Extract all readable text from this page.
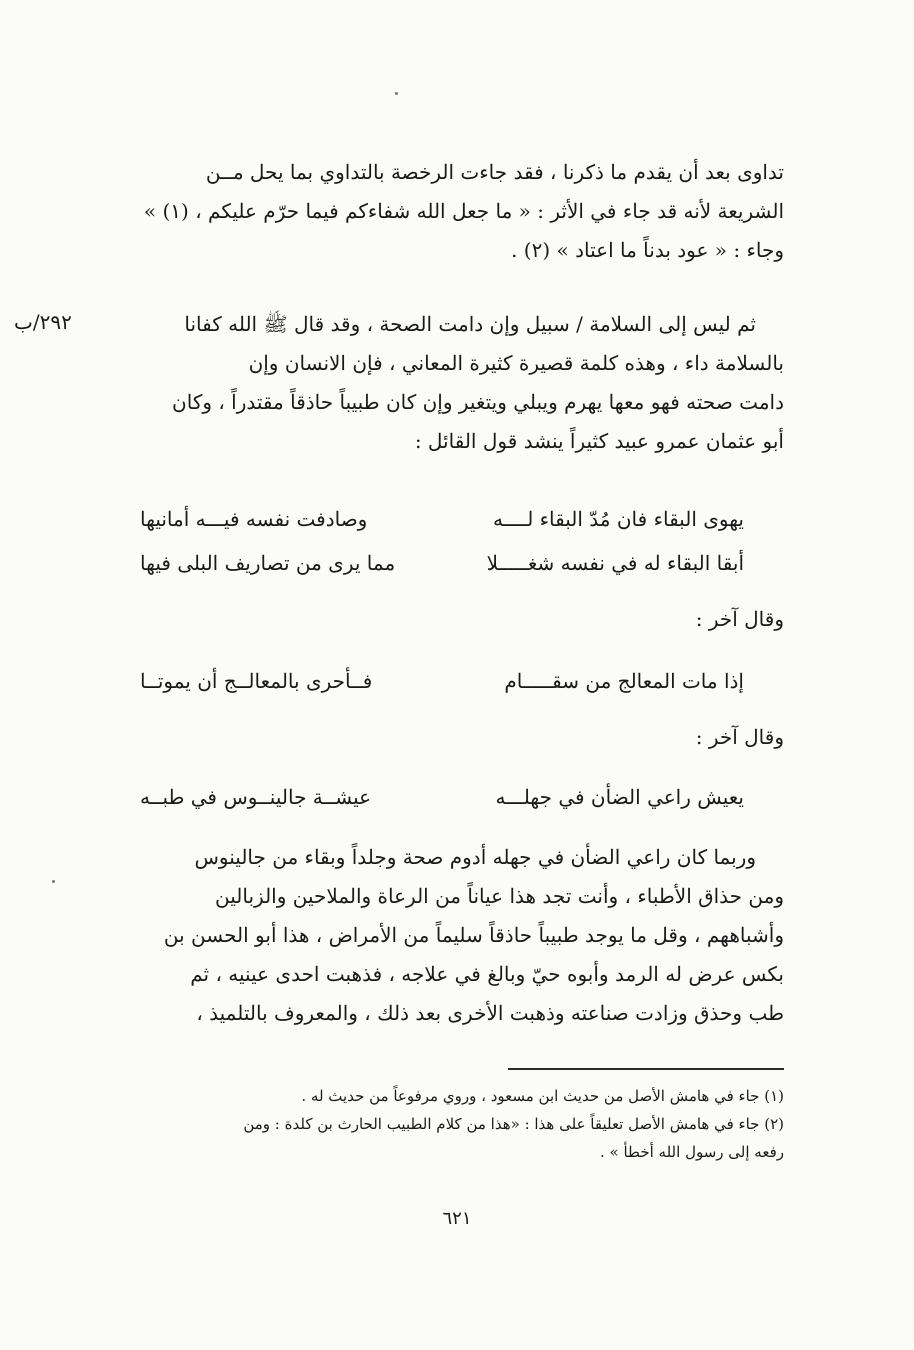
تداوى بعد أن يقدم ما ذكرنا ، فقد جاءت الرخصة بالتداوي بما يحل مــن
الشريعة لأنه قد جاء في الأثر : « ما جعل الله شفاءكم فيما حرّم عليكم ، (١) »
وجاء : « عود بدناً ما اعتاد » (٢) .

٢٩٢/ب	ثم ليس إلى السلامة / سبيل وإن دامت الصحة ، وقد قال ﷺ الله كفانا
بالسلامة داء ، وهذه كلمة قصيرة كثيرة المعاني ، فإن الانسان وإن
دامت صحته فهو معها يهرم ويبلي ويتغير وإن كان طبيباً حاذقاً مقتدراً ، وكان
أبو عثمان عمرو عبيد كثيراً ينشد قول القائل :

يهوى البقاء فان مُدّ البقاء لــــه
وصادفت نفسه فيـــه أمانيها
أبقا البقاء له في نفسه شغـــــلا
مما يرى من تصاريف البلى فيها
وقال آخر :
إذا مات المعالج من سقـــــام
فــأحرى بالمعالــج أن يموتــا
وقال آخر :
يعيش راعي الضأن في جهلـــه
عيشــة جالينــوس في طبــه

وربما كان راعي الضأن في جهله أدوم صحة وجلداً وبقاء من جالينوس
ومن حذاق الأطباء ، وأنت تجد هذا عياناً من الرعاة والملاحين والزبالين
وأشباههم ، وقل ما يوجد طبيباً حاذقاً سليماً من الأمراض ، هذا أبو الحسن بن
بكس عرض له الرمد وأبوه حيّ وبالغ في علاجه ، فذهبت احدى عينيه ، ثم
طب وحذق وزادت صناعته وذهبت الأخرى بعد ذلك ، والمعروف بالتلميذ ،

(١) جاء في هامش الأصل من حديث ابن مسعود ، وروي مرفوعاً من حديث له .
(٢) جاء في هامش الأصل تعليقاً على هذا : «هذا من كلام الطبيب الحارث بن كلدة : ومن
رفعه إلى رسول الله أخطأ » .
٦٢١
